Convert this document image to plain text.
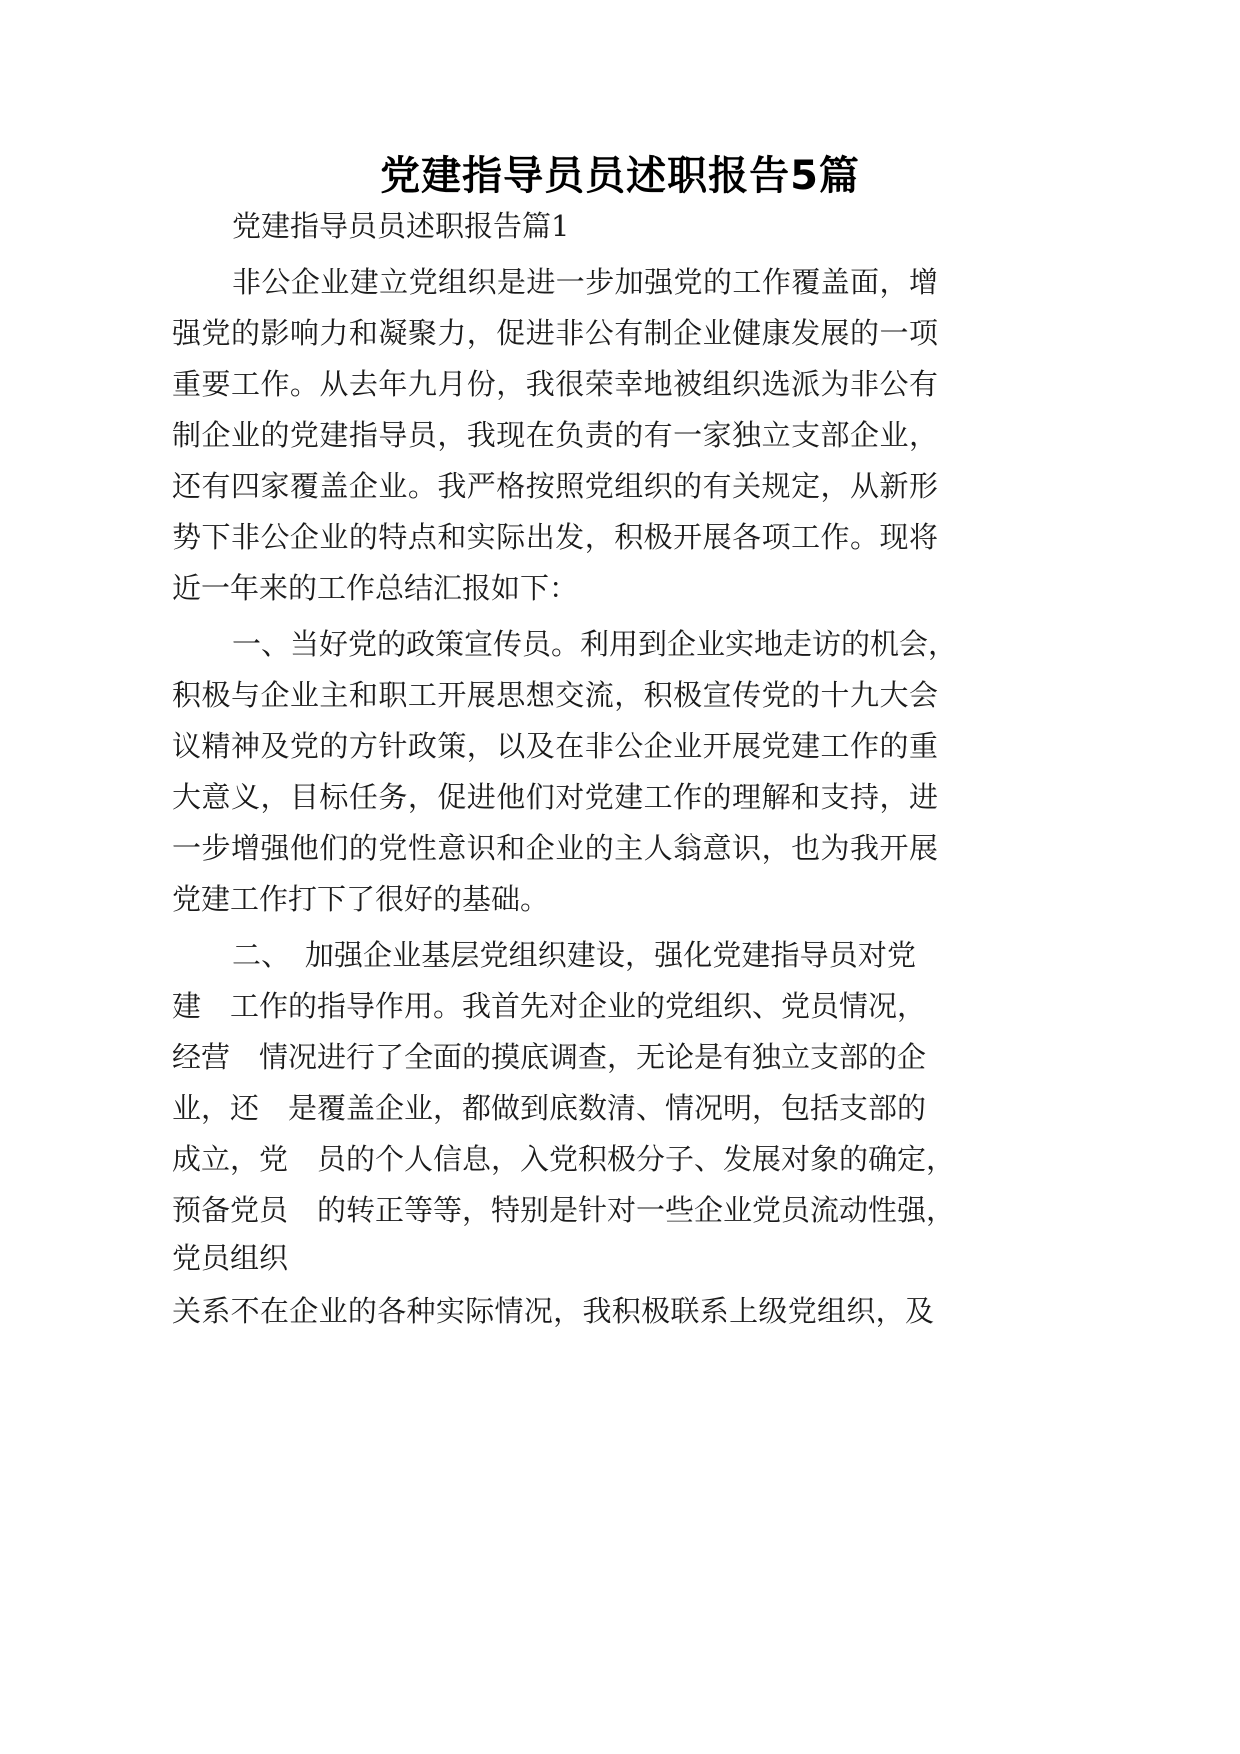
党建指导员员述职报告5篇
党建指导员员述职报告篇1
非公企业建立党组织是进一步加强党的工作覆盖面，增
强党的影响力和凝聚力，促进非公有制企业健康发展的一项
重要工作。从去年九月份，我很荣幸地被组织选派为非公有
制企业的党建指导员，我现在负责的有一家独立支部企业，
还有四家覆盖企业。我严格按照党组织的有关规定，从新形
势下非公企业的特点和实际出发，积极开展各项工作。现将
近一年来的工作总结汇报如下：
一、当好党的政策宣传员。利用到企业实地走访的机会，
积极与企业主和职工开展思想交流，积极宣传党的十九大会
议精神及党的方针政策，以及在非公企业开展党建工作的重
大意义，目标任务，促进他们对党建工作的理解和支持，进
一步增强他们的党性意识和企业的主人翁意识，也为我开展
党建工作打下了很好的基础。
二、　加强企业基层党组织建设，强化党建指导员对党
建　工作的指导作用。我首先对企业的党组织、党员情况，
经营　情况进行了全面的摸底调查，无论是有独立支部的企
业，还　是覆盖企业，都做到底数清、情况明，包括支部的
成立，党　员的个人信息，入党积极分子、发展对象的确定，
预备党员　的转正等等，特别是针对一些企业党员流动性强，
党员组织
关系不在企业的各种实际情况，我积极联系上级党组织，及
